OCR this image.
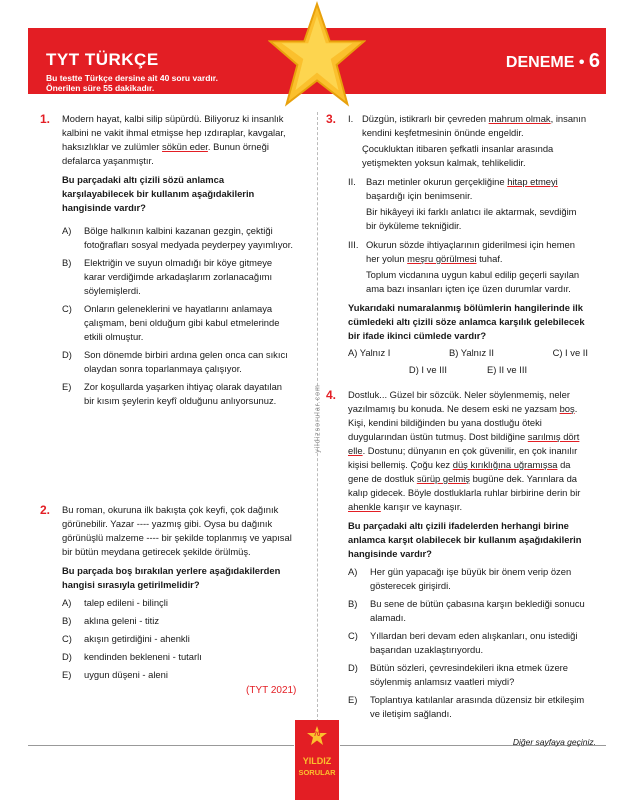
TYT TÜRKÇE
Bu testte Türkçe dersine ait 40 soru vardır.
Önerilen süre 55 dakikadır.
DENEME • 6
yildizsorular.com
1. Modern hayat, kalbi silip süpürdü. Biliyoruz ki insanlık kalbini ne vakit ihmal etmişse hep ızdıraplar, kavgalar, haksızlıklar ve zulümler sökün eder. Bunun örneği defalarca yaşanmıştır.
Bu parçadaki altı çizili sözü anlamca karşılayabilecek bir kullanım aşağıdakilerin hangisinde vardır?
A) Bölge halkının kalbini kazanan gezgin, çektiği fotoğrafları sosyal medyada peyderpey yayımlıyor.
B) Elektriğin ve suyun olmadığı bir köye gitmeye karar verdiğimde arkadaşlarım zorlanacağımı söylemişlerdi.
C) Onların geleneklerini ve hayatlarını anlamaya çalışmam, beni olduğum gibi kabul etmelerinde etkili olmuştur.
D) Son dönemde birbiri ardına gelen onca can sıkıcı olaydan sonra toparlanmaya çalışıyor.
E) Zor koşullarda yaşarken ihtiyaç olarak dayatılan bir kısım şeylerin keyfî olduğunu anlıyorsunuz.
2. Bu roman, okuruna ilk bakışta çok keyfi, çok dağınık görünebilir. Yazar ---- yazmış gibi. Oysa bu dağınık görünüşlü malzeme ---- bir şekilde toplanmış ve yapısal bir bütün meydana getirecek şekilde örülmüş.
Bu parçada boş bırakılan yerlere aşağıdakilerden hangisi sırasıyla getirilmelidir?
A) talep edileni - bilinçli
B) aklına geleni - titiz
C) akışın getirdiğini - ahenkli
D) kendinden bekleneni - tutarlı
E) uygun düşeni - aleni
(TYT 2021)
3. I. Düzgün, istikrarlı bir çevreden mahrum olmak, insanın kendini keşfetmesinin önünde engeldir.
Çocukluktan itibaren şefkatli insanlar arasında yetişmekten yoksun kalmak, tehlikelidir.
II. Bazı metinler okurun gerçekliğine hitap etmeyi başardığı için benimsenir.
Bir hikâyeyi iki farklı anlatıcı ile aktarmak, sevdiğim bir öyküleme tekniğidir.
III. Okurun sözde ihtiyaçlarının giderilmesi için hemen her yolun meşru görülmesi tuhaf.
Toplum vicdanına uygun kabul edilip geçerli sayılan ama bazı insanları içten içe üzen durumlar vardır.
Yukarıdaki numaralanmış bölümlerin hangilerinde ilk cümledeki altı çizili söze anlamca karşılık gelebilecek bir ifade ikinci cümlede vardır?
A) Yalnız I	B) Yalnız II	C) I ve II
D) I ve III	E) II ve III
4. Dostluk... Güzel bir sözcük. Neler söylenmemiş, neler yazılmamış bu konuda. Ne desem eski ne yazsam boş. Kişi, kendini bildiğinden bu yana dostluğu öteki duygularından üstün tutmuş. Dost bildiğine sarılmış dört elle. Dostunu; dünyanın en çok güvenilir, en çok inanılır kişisi bellemiş. Çoğu kez düş kırıklığına uğramışsa da gene de dostluk sürüp gelmiş bugüne dek. Yarınlara da kalıp gidecek. Böyle dostluklarla ruhlar birbirine derin bir ahenkle karışır ve kaynaşır.
Bu parçadaki altı çizili ifadelerden herhangi birine anlamca karşıt olabilecek bir kullanım aşağıdakilerin hangisinde vardır?
A) Her gün yapacağı işe büyük bir önem verip özen gösterecek girişirdi.
B) Bu sene de bütün çabasına karşın beklediği sonucu alamadı.
C) Yıllardan beri devam eden alışkanları, onu istediği başarıdan uzaklaştırıyordu.
D) Bütün sözleri, çevresindekileri ikna etmek üzere söylenmiş anlamsız vaatleri miydi?
E) Toplantıya katılanlar arasında düzensiz bir etkileşim ve iletişim sağlandı.
Diğer sayfaya geçiniz.
70
YILDIZ
SORULAR
